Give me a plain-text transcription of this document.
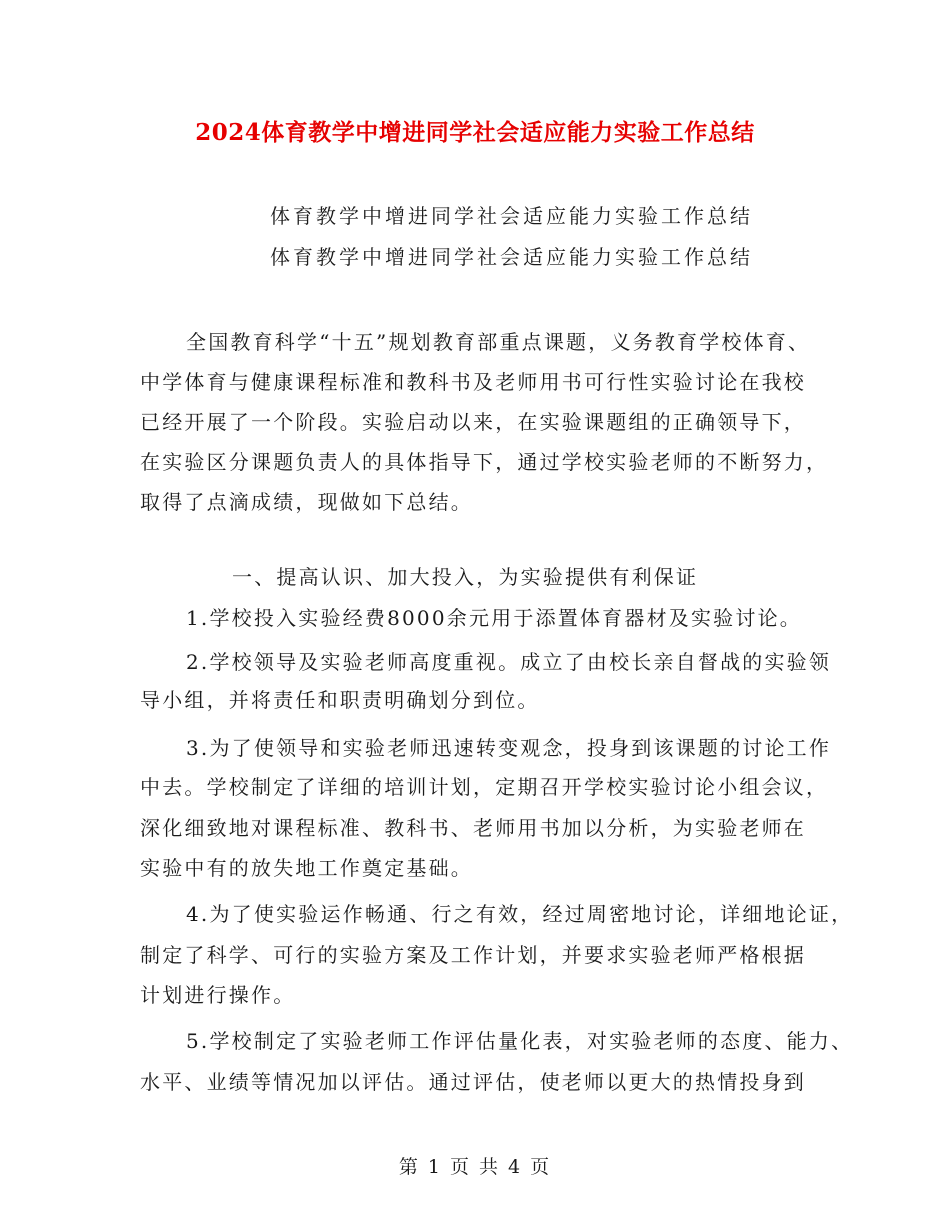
2024体育教学中增进同学社会适应能力实验工作总结
体育教学中增进同学社会适应能力实验工作总结
体育教学中增进同学社会适应能力实验工作总结
全国教育科学“十五”规划教育部重点课题，义务教育学校体育、
中学体育与健康课程标准和教科书及老师用书可行性实验讨论在我校
已经开展了一个阶段。实验启动以来，在实验课题组的正确领导下，
在实验区分课题负责人的具体指导下，通过学校实验老师的不断努力，
取得了点滴成绩，现做如下总结。
一、提高认识、加大投入，为实验提供有利保证
1.学校投入实验经费8000余元用于添置体育器材及实验讨论。
2.学校领导及实验老师高度重视。成立了由校长亲自督战的实验领
导小组，并将责任和职责明确划分到位。
3.为了使领导和实验老师迅速转变观念，投身到该课题的讨论工作
中去。学校制定了详细的培训计划，定期召开学校实验讨论小组会议，
深化细致地对课程标准、教科书、老师用书加以分析，为实验老师在
实验中有的放失地工作奠定基础。
4.为了使实验运作畅通、行之有效，经过周密地讨论，详细地论证，
制定了科学、可行的实验方案及工作计划，并要求实验老师严格根据
计划进行操作。
5.学校制定了实验老师工作评估量化表，对实验老师的态度、能力、
水平、业绩等情况加以评估。通过评估，使老师以更大的热情投身到
第 1 页 共 4 页
